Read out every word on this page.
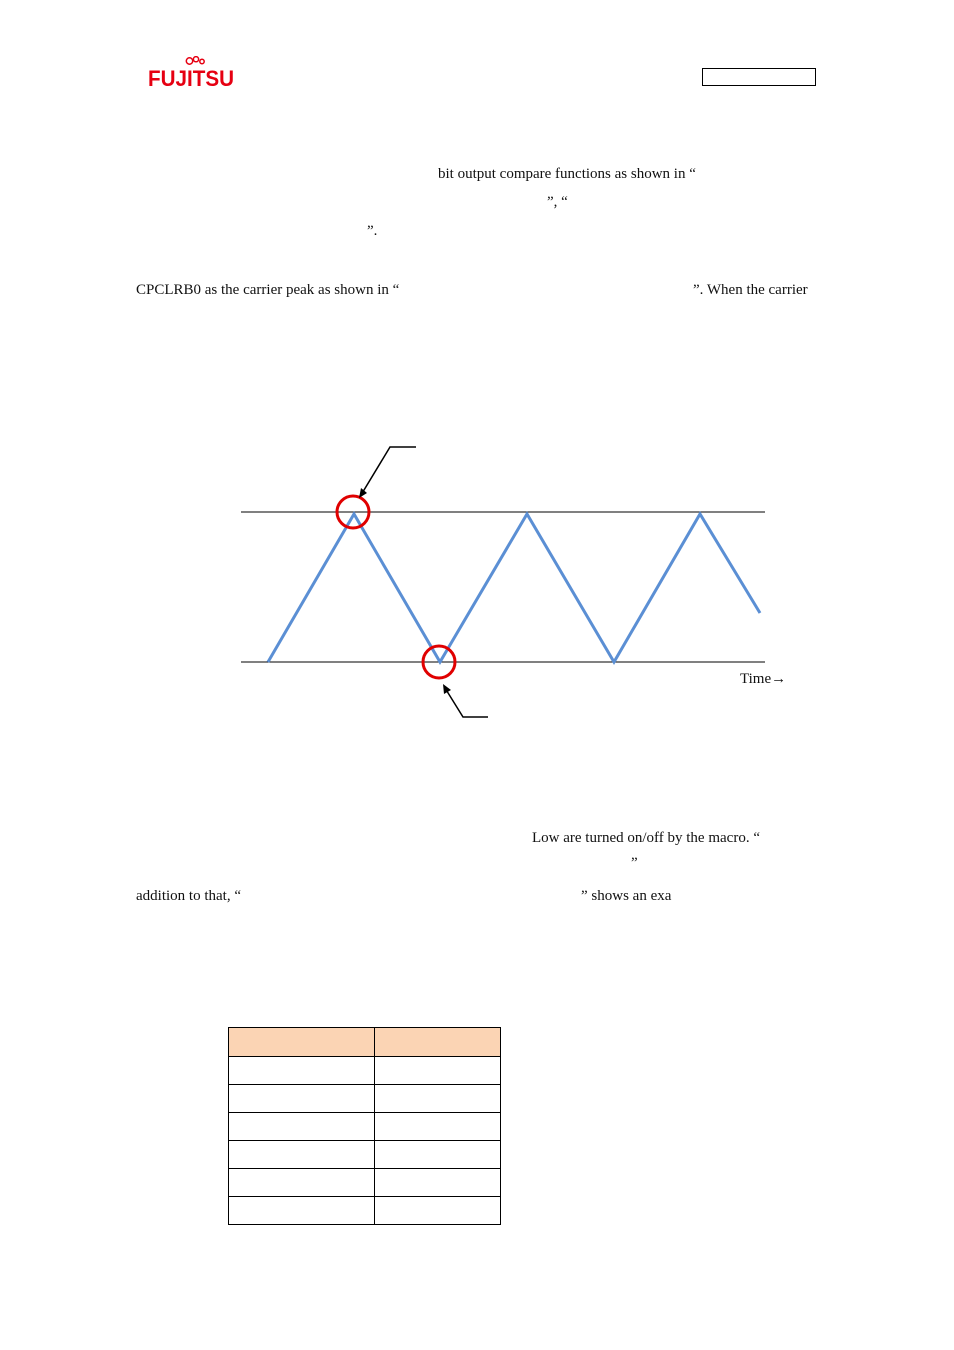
FUJITSU
bit output compare functions as shown in “
”, “
”.
CPCLRB0 as the carrier peak as shown in “	”. When the carrier
Time→
Low are turned on/off by the macro. “
”
addition to that, “	” shows an exa
